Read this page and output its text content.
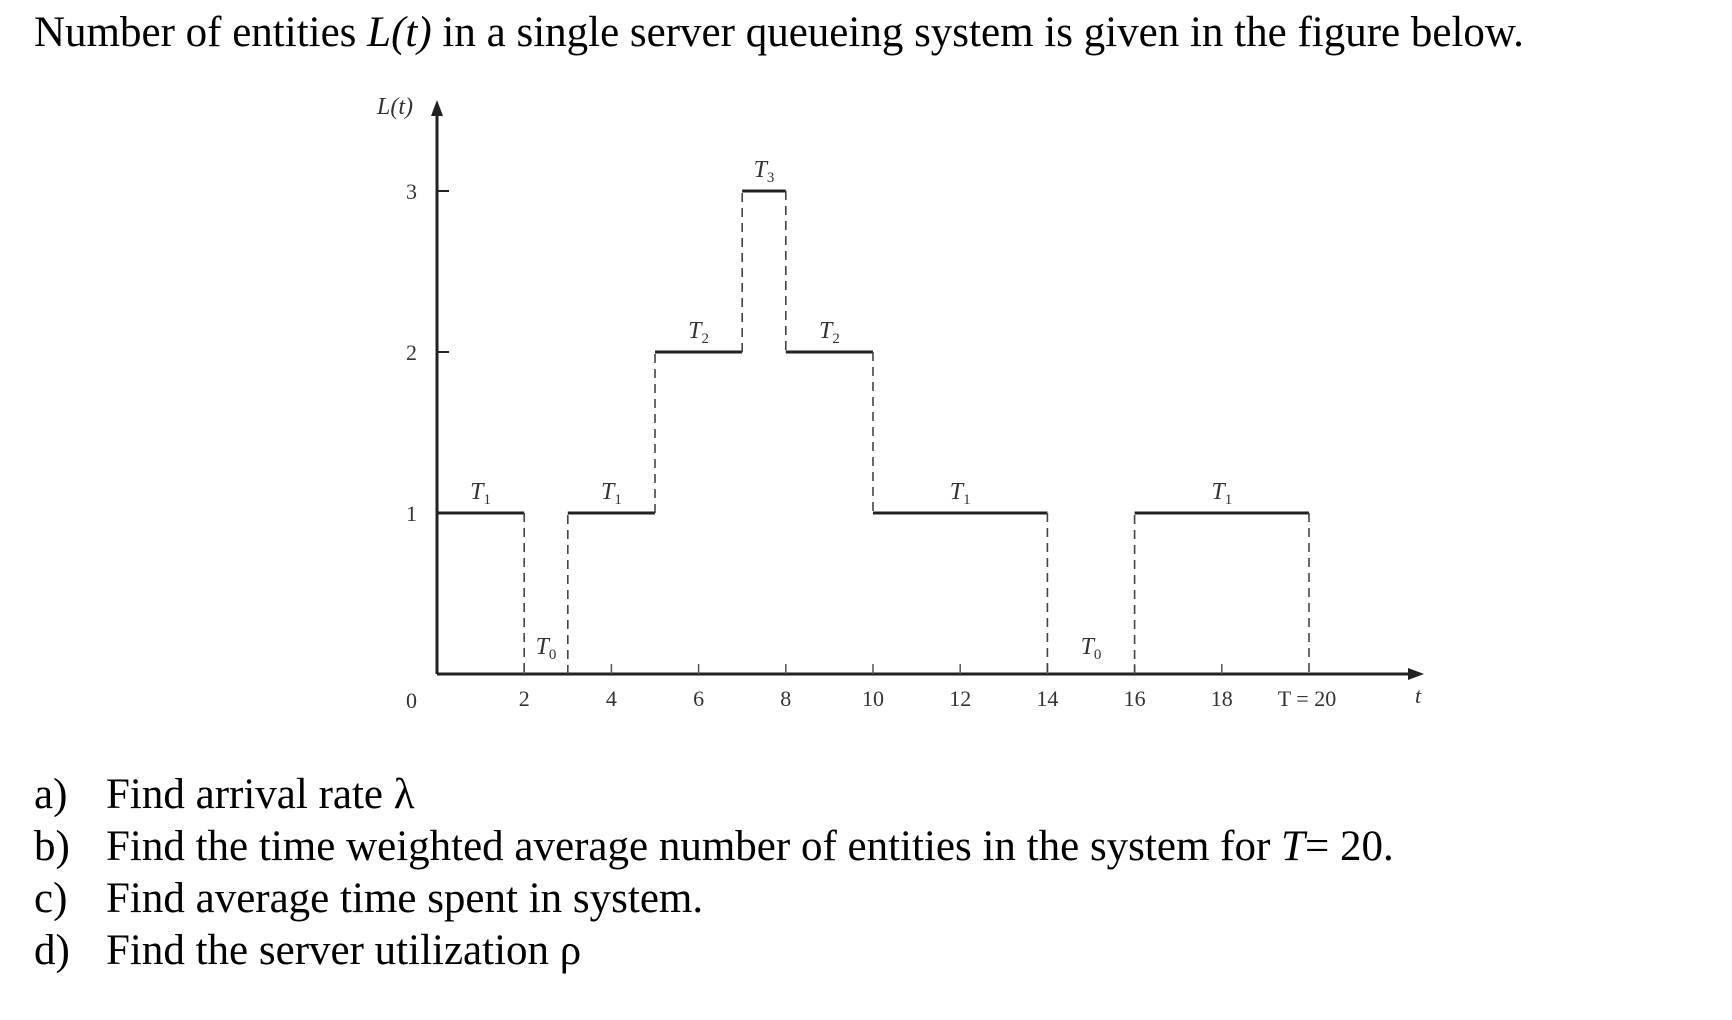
Number of entities L(t) in a single server queueing system is given in the figure below.
L(t)
t
0
1
2
3
2	4	6	8	10	12	14	16	18 T = 20
$T_1$
$T_0$
$T_1$
$T_2$
$T_3$
$T_2$
$T_1$
$T_0$
$T_1$
a) Find arrival rate λ
b) Find the time weighted average number of entities in the system for T= 20.
c) Find average time spent in system.
d) Find the server utilization ρ
